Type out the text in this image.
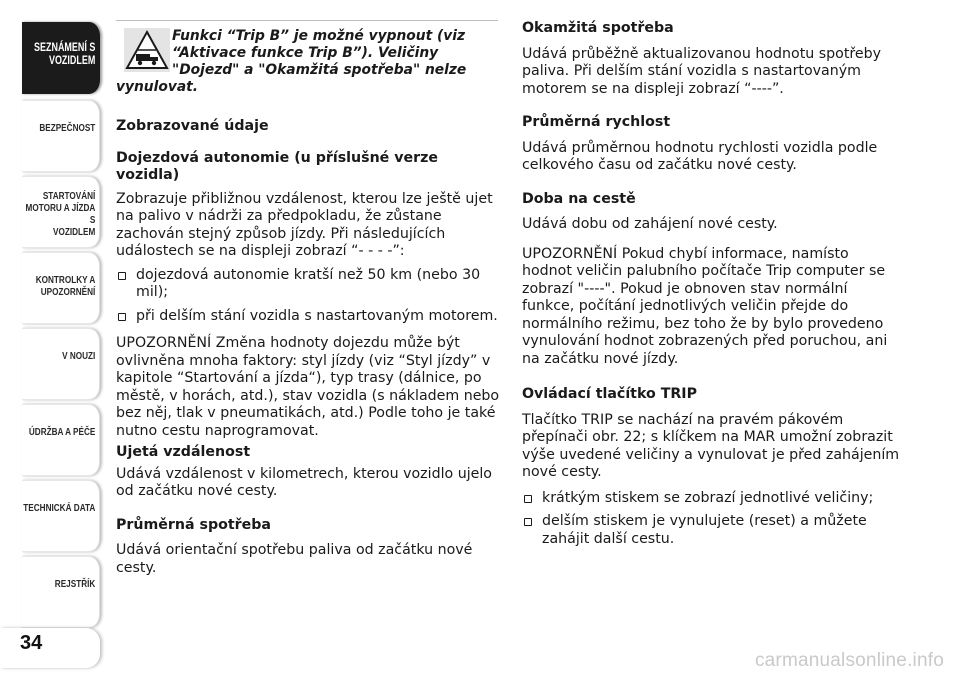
SEZNÁMENÍ S
VOZIDLEM
BEZPEČNOST
STARTOVÁNÍ
MOTORU A JÍZDA S
VOZIDLEM
KONTROLKY A
UPOZORNĚNÍ
V NOUZI
ÚDRŽBA A PÉČE
TECHNICKÁ DATA
REJSTŘÍK
34
Funkci “Trip B” je možné vypnout (viz
“Aktivace funkce Trip B”). Veličiny
"Dojezd" a "Okamžitá spotřeba" nelze
vynulovat.
Zobrazované údaje
Dojezdová autonomie (u příslušné verze vozidla)

Zobrazuje přibližnou vzdálenost, kterou lze ještě ujet na palivo v nádrži za předpokladu, že zůstane zachován stejný způsob jízdy. Při následujících událostech se na displeji zobrazí “- - - -”:

dojezdová autonomie kratší než 50 km (nebo 30 mil);
při delším stání vozidla s nastartovaným motorem.

UPOZORNĚNÍ Změna hodnoty dojezdu může být ovlivněna mnoha faktory: styl jízdy (viz “Styl jízdy” v kapitole “Startování a jízda“), typ trasy (dálnice, po městě, v horách, atd.), stav vozidla (s nákladem nebo bez něj, tlak v pneumatikách, atd.) Podle toho je také nutno cestu naprogramovat.

Ujetá vzdálenost

Udává vzdálenost v kilometrech, kterou vozidlo ujelo od začátku nové cesty.

Průměrná spotřeba

Udává orientační spotřebu paliva od začátku nové cesty.

Okamžitá spotřeba

Udává průběžně aktualizovanou hodnotu spotřeby paliva. Při delším stání vozidla s nastartovaným motorem se na displeji zobrazí “----”.

Průměrná rychlost

Udává průměrnou hodnotu rychlosti vozidla podle celkového času od začátku nové cesty.

Doba na cestě

Udává dobu od zahájení nové cesty.

UPOZORNĚNÍ Pokud chybí informace, namísto hodnot veličin palubního počítače Trip computer se zobrazí "----". Pokud je obnoven stav normální funkce, počítání jednotlivých veličin přejde do normálního režimu, bez toho že by bylo provedeno vynulování hodnot zobrazených před poruchou, ani na začátku nové jízdy.

Ovládací tlačítko TRIP

Tlačítko TRIP se nachází na pravém pákovém přepínači obr. 22; s klíčkem na MAR umožní zobrazit výše uvedené veličiny a vynulovat je před zahájením nové cesty.

krátkým stiskem se zobrazí jednotlivé veličiny;
delším stiskem je vynulujete (reset) a můžete zahájit další cestu.
carmanualsonline.info
